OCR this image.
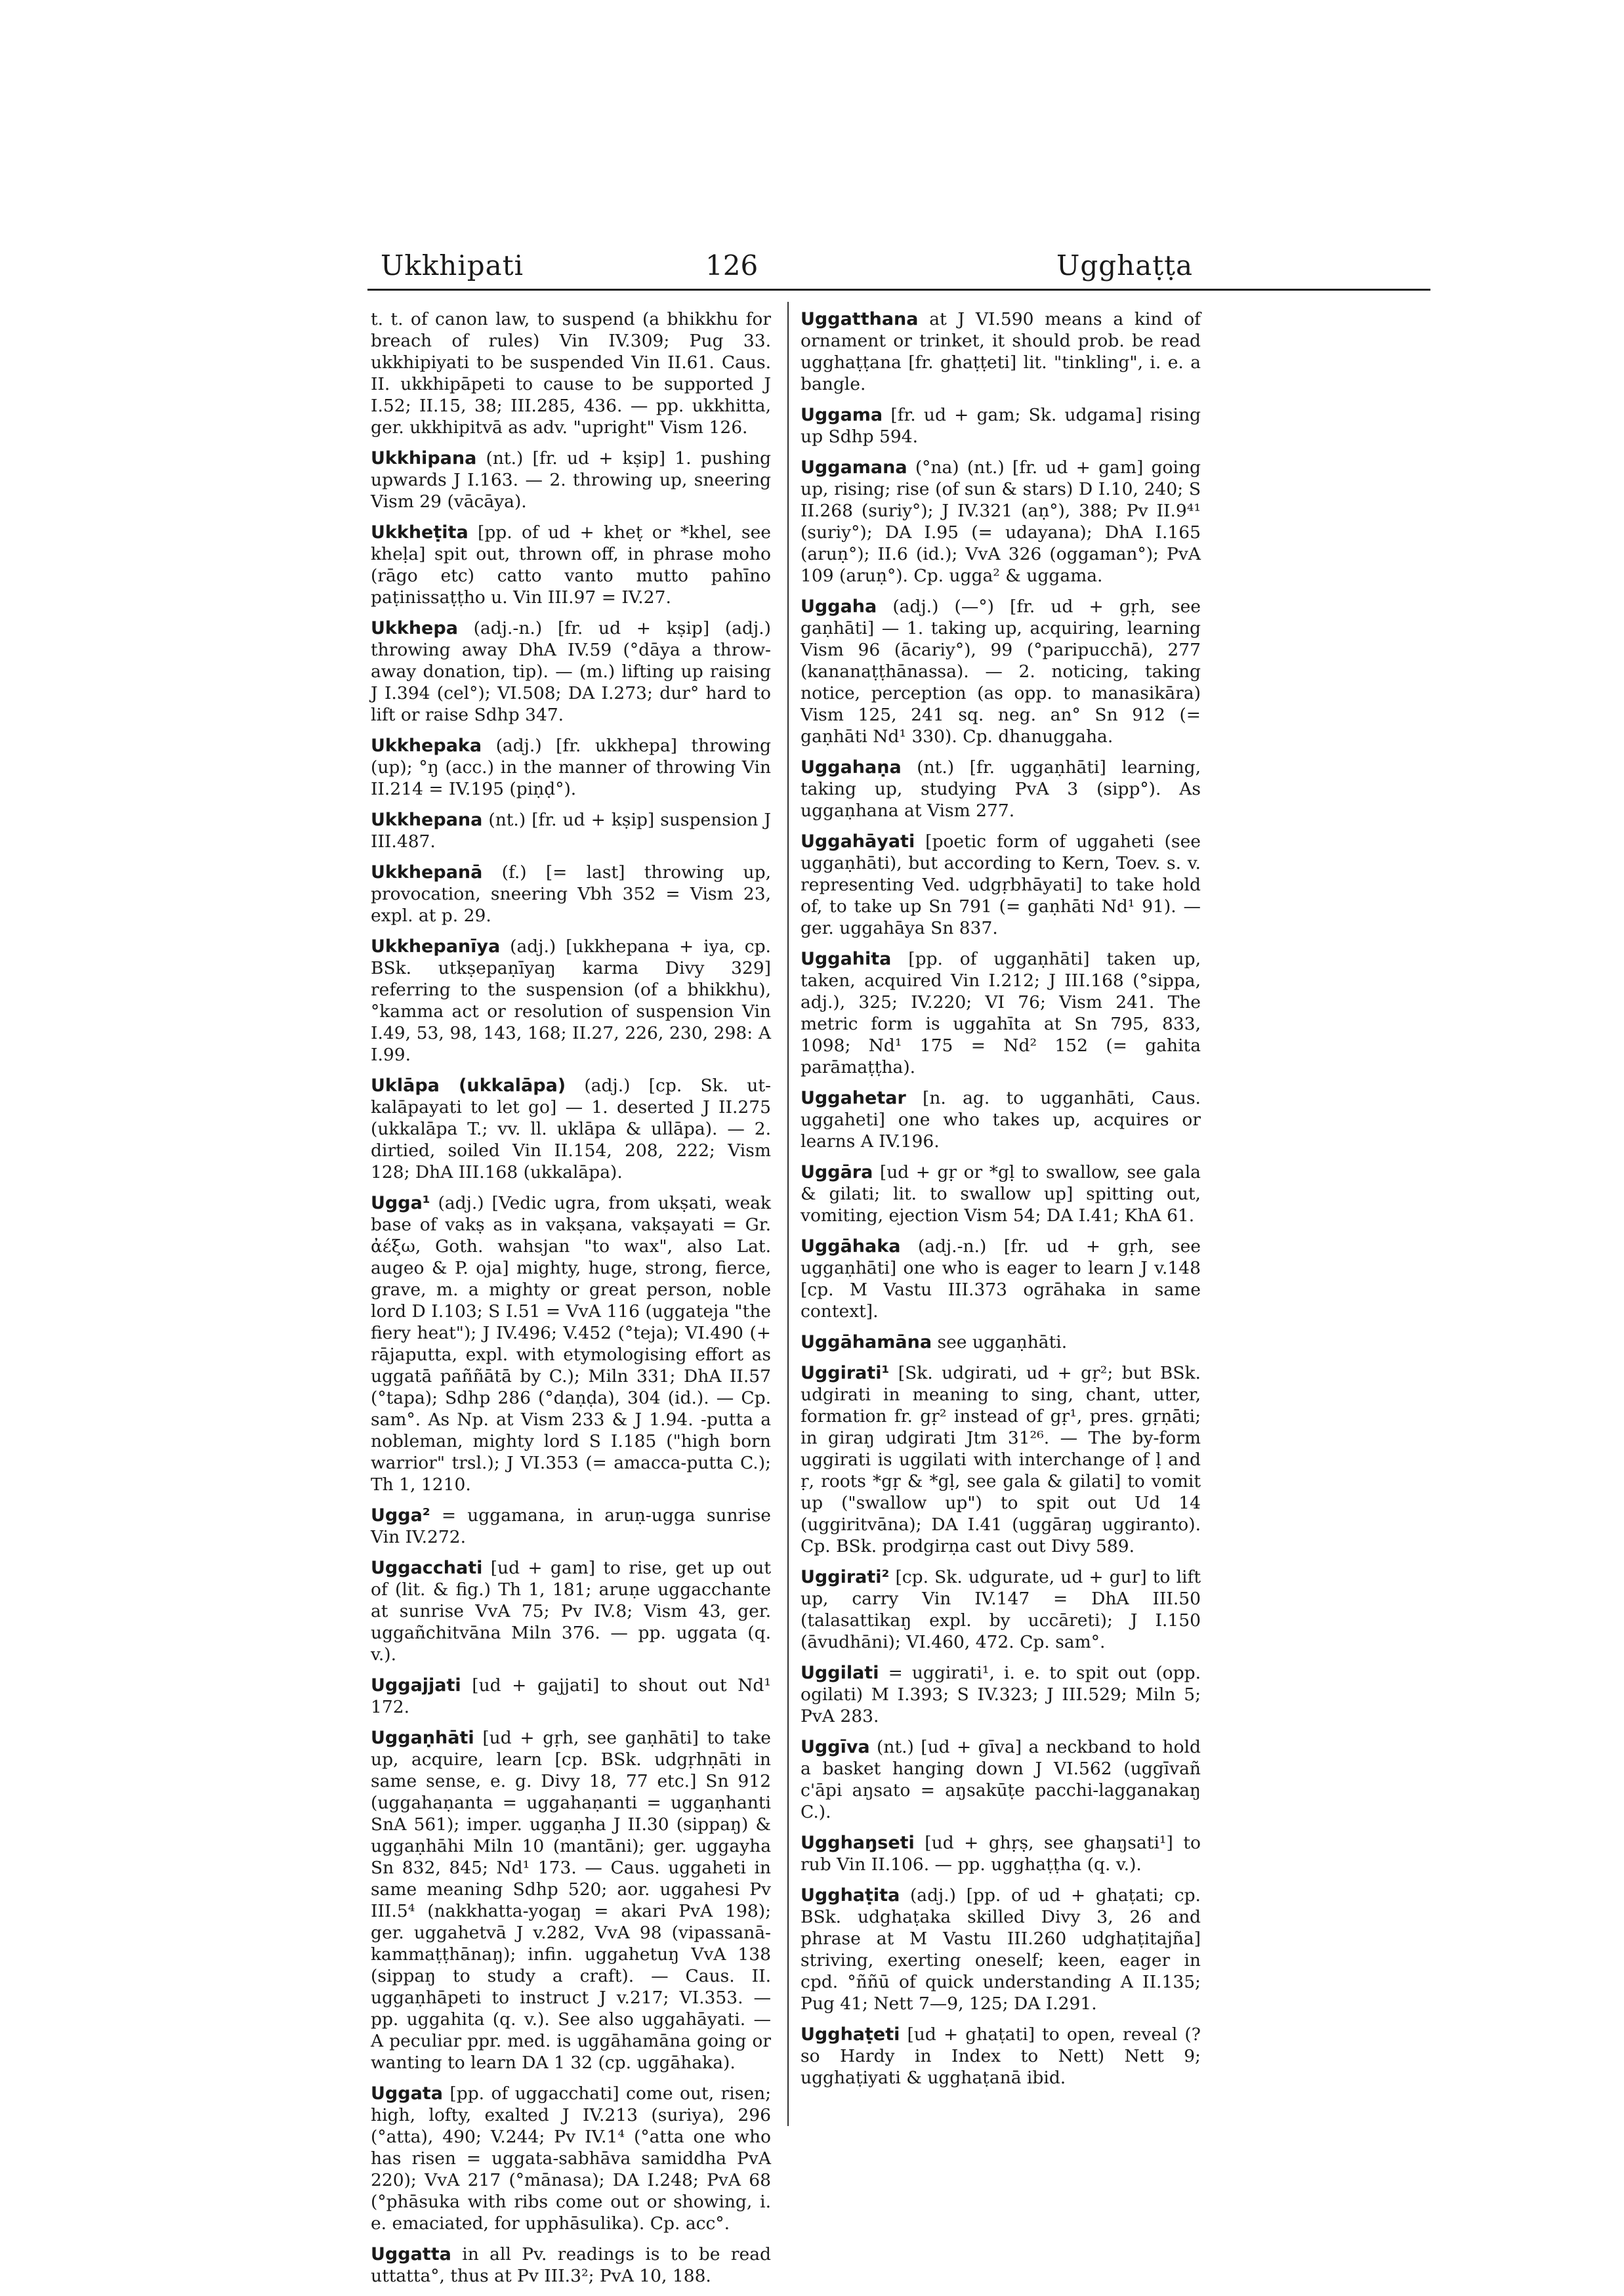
Ukkhipati	126	Ugghaṭṭa

t. t. of canon law, to suspend (a bhikkhu for breach of rules) Vin IV.309; Pug 33. ukkhipiyati to be suspended Vin II.61. Caus. II. ukkhipāpeti to cause to be supported J I.52; II.15, 38; III.285, 436. — pp. ukkhitta, ger. ukkhipitvā as adv. "upright" Vism 126.

Ukkhipana (nt.) [fr. ud + kṣip] 1. pushing upwards J I.163. — 2. throwing up, sneering Vism 29 (vācāya).

Ukkheṭita [pp. of ud + kheṭ or *khel, see kheḷa] spit out, thrown off, in phrase moho (rāgo etc) catto vanto mutto pahīno paṭinissaṭṭho u. Vin III.97 = IV.27.

Ukkhepa (adj.-n.) [fr. ud + kṣip] (adj.) throwing away DhA IV.59 (°dāya a throw-away donation, tip). — (m.) lifting up raising J I.394 (cel°); VI.508; DA I.273; dur° hard to lift or raise Sdhp 347.

Ukkhepaka (adj.) [fr. ukkhepa] throwing (up); °ŋ (acc.) in the manner of throwing Vin II.214 = IV.195 (piṇḍ°).

Ukkhepana (nt.) [fr. ud + kṣip] suspension J III.487.

Ukkhepanā (f.) [= last] throwing up, provocation, sneering Vbh 352 = Vism 23, expl. at p. 29.

Ukkhepanīya (adj.) [ukkhepana + iya, cp. BSk. utkṣepaṇīyaŋ karma Divy 329] referring to the suspension (of a bhikkhu), °kamma act or resolution of suspension Vin I.49, 53, 98, 143, 168; II.27, 226, 230, 298: A I.99.

Uklāpa (ukkalāpa) (adj.) [cp. Sk. ut-kalāpayati to let go] — 1. deserted J II.275 (ukkalāpa T.; vv. ll. uklāpa & ullāpa). — 2. dirtied, soiled Vin II.154, 208, 222; Vism 128; DhA III.168 (ukkalāpa).

Ugga¹ (adj.) [Vedic ugra, from ukṣati, weak base of vakṣ as in vakṣana, vakṣayati = Gr. ἀέξω, Goth. wahsjan "to wax", also Lat. augeo & P. oja] mighty, huge, strong, fierce, grave, m. a mighty or great person, noble lord D I.103; S I.51 = VvA 116 (uggateja "the fiery heat"); J IV.496; V.452 (°teja); VI.490 (+ rājaputta, expl. with etymologising effort as uggatā paññātā by C.); Miln 331; DhA II.57 (°tapa); Sdhp 286 (°daṇḍa), 304 (id.). — Cp. sam°. As Np. at Vism 233 & J 1.94. -putta a nobleman, mighty lord S I.185 ("high born warrior" trsl.); J VI.353 (= amacca-putta C.); Th 1, 1210.

Ugga² = uggamana, in aruṇ-ugga sunrise Vin IV.272.

Uggacchati [ud + gam] to rise, get up out of (lit. & fig.) Th 1, 181; aruṇe uggacchante at sunrise VvA 75; Pv IV.8; Vism 43, ger. uggañchitvāna Miln 376. — pp. uggata (q. v.).

Uggajjati [ud + gajjati] to shout out Nd¹ 172.

Uggaṇhāti [ud + gṛh, see gaṇhāti] to take up, acquire, learn [cp. BSk. udgṛhṇāti in same sense, e. g. Divy 18, 77 etc.] Sn 912 (uggahaṇanta = uggahaṇanti = uggaṇhanti SnA 561); imper. uggaṇha J II.30 (sippaŋ) & uggaṇhāhi Miln 10 (mantāni); ger. uggayha Sn 832, 845; Nd¹ 173. — Caus. uggaheti in same meaning Sdhp 520; aor. uggahesi Pv III.5⁴ (nakkhatta-yogaŋ = akari PvA 198); ger. uggahetvā J v.282, VvA 98 (vipassanā-kammaṭṭhānaŋ); infin. uggahetuŋ VvA 138 (sippaŋ to study a craft). — Caus. II. uggaṇhāpeti to instruct J v.217; VI.353. — pp. uggahita (q. v.). See also uggahāyati. — A peculiar ppr. med. is uggāhamāna going or wanting to learn DA 1 32 (cp. uggāhaka).

Uggata [pp. of uggacchati] come out, risen; high, lofty, exalted J IV.213 (suriya), 296 (°atta), 490; V.244; Pv IV.1⁴ (°atta one who has risen = uggata-sabhāva samiddha PvA 220); VvA 217 (°mānasa); DA I.248; PvA 68 (°phāsuka with ribs come out or showing, i. e. emaciated, for upphāsulika). Cp. acc°.

Uggatta in all Pv. readings is to be read uttatta°, thus at Pv III.3²; PvA 10, 188.

Uggatthana at J VI.590 means a kind of ornament or trinket, it should prob. be read ugghaṭṭana [fr. ghaṭṭeti] lit. "tinkling", i. e. a bangle.

Uggama [fr. ud + gam; Sk. udgama] rising up Sdhp 594.

Uggamana (°na) (nt.) [fr. ud + gam] going up, rising; rise (of sun & stars) D I.10, 240; S II.268 (suriy°); J IV.321 (aṇ°), 388; Pv II.9⁴¹ (suriy°); DA I.95 (= udayana); DhA I.165 (aruṇ°); II.6 (id.); VvA 326 (oggaman°); PvA 109 (aruṇ°). Cp. ugga² & uggama.

Uggaha (adj.) (—°) [fr. ud + gṛh, see gaṇhāti] — 1. taking up, acquiring, learning Vism 96 (ācariy°), 99 (°paripucchā), 277 (kananaṭṭhānassa). — 2. noticing, taking notice, perception (as opp. to manasikāra) Vism 125, 241 sq. neg. an° Sn 912 (= gaṇhāti Nd¹ 330). Cp. dhanuggaha.

Uggahaṇa (nt.) [fr. uggaṇhāti] learning, taking up, studying PvA 3 (sipp°). As uggaṇhana at Vism 277.

Uggahāyati [poetic form of uggaheti (see uggaṇhāti), but according to Kern, Toev. s. v. representing Ved. udgṛbhāyati] to take hold of, to take up Sn 791 (= gaṇhāti Nd¹ 91). — ger. uggahāya Sn 837.

Uggahita [pp. of uggaṇhāti] taken up, taken, acquired Vin I.212; J III.168 (°sippa, adj.), 325; IV.220; VI 76; Vism 241. The metric form is uggahīta at Sn 795, 833, 1098; Nd¹ 175 = Nd² 152 (= gahita parāmaṭṭha).

Uggahetar [n. ag. to ugganhāti, Caus. uggaheti] one who takes up, acquires or learns A IV.196.

Uggāra [ud + gṛ or *gḷ to swallow, see gala & gilati; lit. to swallow up] spitting out, vomiting, ejection Vism 54; DA I.41; KhA 61.

Uggāhaka (adj.-n.) [fr. ud + gṛh, see uggaṇhāti] one who is eager to learn J v.148 [cp. M Vastu III.373 ogrāhaka in same context].

Uggāhamāna see uggaṇhāti.

Uggirati¹ [Sk. udgirati, ud + gṛ²; but BSk. udgirati in meaning to sing, chant, utter, formation fr. gṛ² instead of gṛ¹, pres. gṛṇāti; in giraŋ udgirati Jtm 31²⁶. — The by-form uggirati is uggilati with interchange of ḷ and ṛ, roots *gṛ & *gḷ, see gala & gilati] to vomit up ("swallow up") to spit out Ud 14 (uggiritvāna); DA I.41 (uggāraŋ uggiranto). Cp. BSk. prodgirṇa cast out Divy 589.

Uggirati² [cp. Sk. udgurate, ud + gur] to lift up, carry Vin IV.147 = DhA III.50 (talasattikaŋ expl. by uccāreti); J I.150 (āvudhāni); VI.460, 472. Cp. sam°.

Uggilati = uggirati¹, i. e. to spit out (opp. ogilati) M I.393; S IV.323; J III.529; Miln 5; PvA 283.

Uggīva (nt.) [ud + gīva] a neckband to hold a basket hanging down J VI.562 (uggīvañ c'āpi aŋsato = aŋsakūṭe pacchi-lagganakaŋ C.).

Ugghaŋseti [ud + ghṛṣ, see ghaŋsati¹] to rub Vin II.106. — pp. ugghaṭṭha (q. v.).

Ugghaṭita (adj.) [pp. of ud + ghaṭati; cp. BSk. udghaṭaka skilled Divy 3, 26 and phrase at M Vastu III.260 udghaṭitajña] striving, exerting oneself; keen, eager in cpd. °ññū of quick understanding A II.135; Pug 41; Nett 7—9, 125; DA I.291.

Ugghaṭeti [ud + ghaṭati] to open, reveal (? so Hardy in Index to Nett) Nett 9; ugghaṭiyati & ugghaṭanā ibid.
